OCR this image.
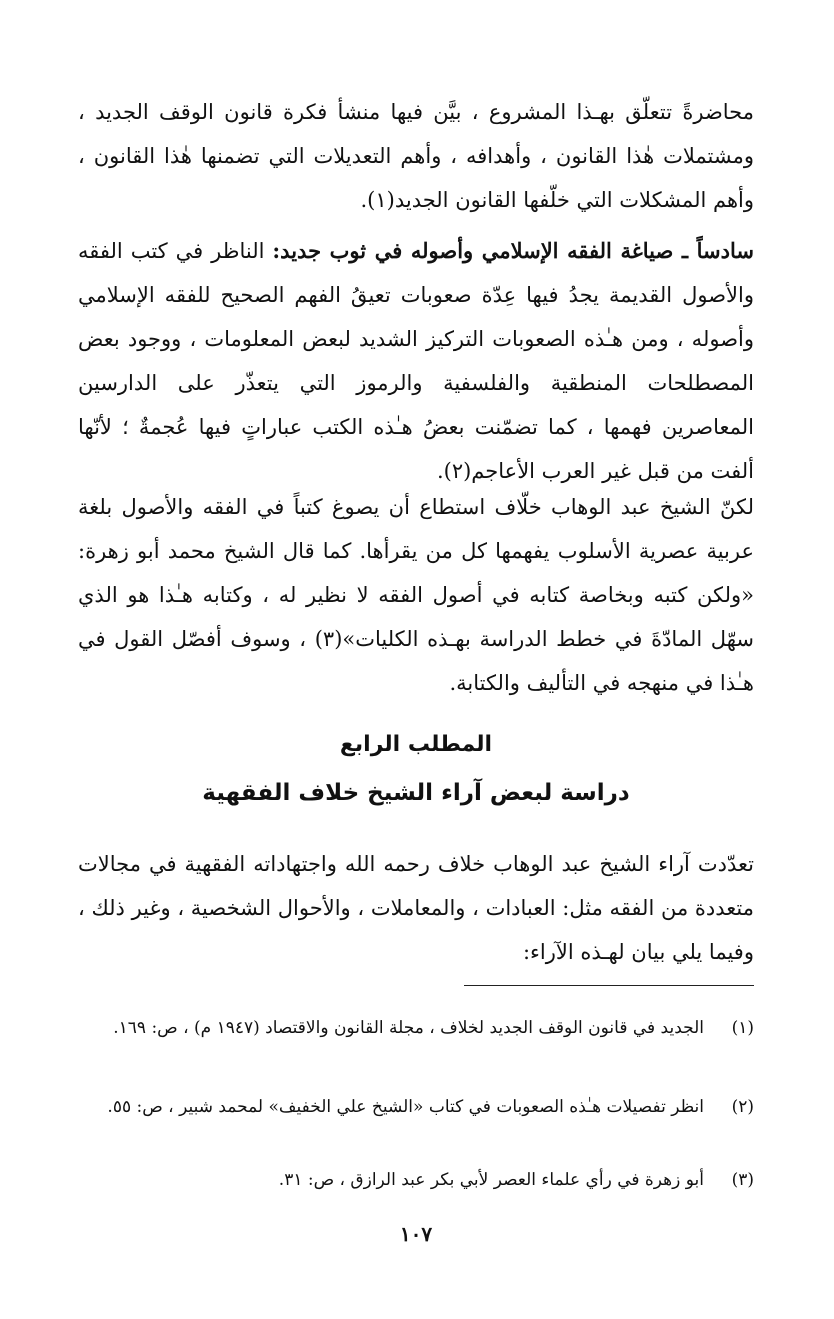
محاضرةً تتعلّق بهـذا المشروع ، بيَّن فيها منشأ فكرة قانون الوقف الجديد ، ومشتملات هٰذا القانون ، وأهدافه ، وأهم التعديلات التي تضمنها هٰذا القانون ، وأهم المشكلات التي خلّفها القانون الجديد(١).

سادساً ـ صياغة الفقه الإسلامي وأصوله في ثوب جديد: الناظر في كتب الفقه والأصول القديمة يجدُ فيها عِدّة صعوبات تعيقُ الفهم الصحيح للفقه الإسلامي وأصوله ، ومن هـٰذه الصعوبات التركيز الشديد لبعض المعلومات ، ووجود بعض المصطلحات المنطقية والفلسفية والرموز التي يتعذّر على الدارسين المعاصرين فهمها ، كما تضمّنت بعضُ هـٰذه الكتب عباراتٍ فيها عُجمةٌ ؛ لأنّها ألفت من قبل غير العرب الأعاجم(٢).

لكنّ الشيخ عبد الوهاب خلّاف استطاع أن يصوغ كتباً في الفقه والأصول بلغة عربية عصرية الأسلوب يفهمها كل من يقرأها. كما قال الشيخ محمد أبو زهرة: «ولكن كتبه وبخاصة كتابه في أصول الفقه لا نظير له ، وكتابه هـٰذا هو الذي سهّل المادّةَ في خطط الدراسة بهـذه الكليات»(٣) ، وسوف أفصّل القول في هـٰذا في منهجه في التأليف والكتابة.

المطلب الرابع
دراسة لبعض آراء الشيخ خلاف الفقهية

تعدّدت آراء الشيخ عبد الوهاب خلاف رحمه الله واجتهاداته الفقهية في مجالات متعددة من الفقه مثل: العبادات ، والمعاملات ، والأحوال الشخصية ، وغير ذلك ، وفيما يلي بيان لهـذه الآراء:

(١)
الجديد في قانون الوقف الجديد لخلاف ، مجلة القانون والاقتصاد (١٩٤٧ م) ، ص: ١٦٩.
(٢)
انظر تفصيلات هـٰذه الصعوبات في كتاب «الشيخ علي الخفيف» لمحمد شبير ، ص: ٥٥.
(٣)
أبو زهرة في رأي علماء العصر لأبي بكر عبد الرازق ، ص: ٣١.
١٠٧
